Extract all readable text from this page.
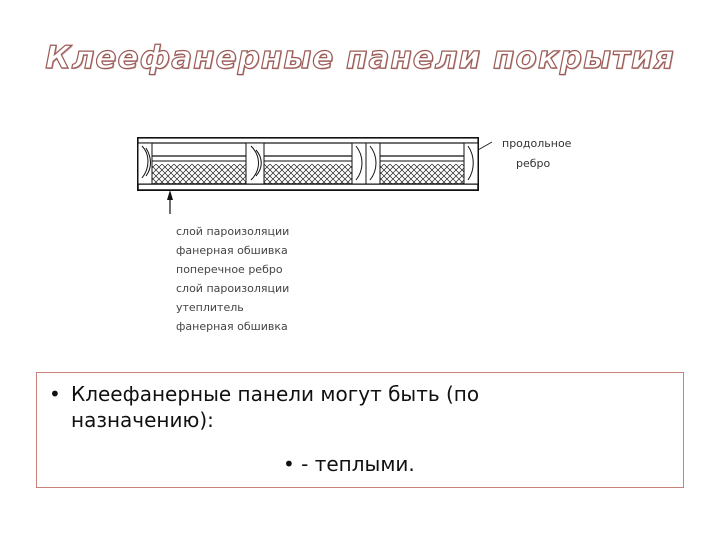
Клеефанерные панели покрытия
продольное
ребро
слой пароизоляции
фанерная обшивка
поперечное ребро
слой пароизоляции
утеплитель
фанерная обшивка
• Клеефанерные панели могут быть (по назначению):
• - теплыми.
